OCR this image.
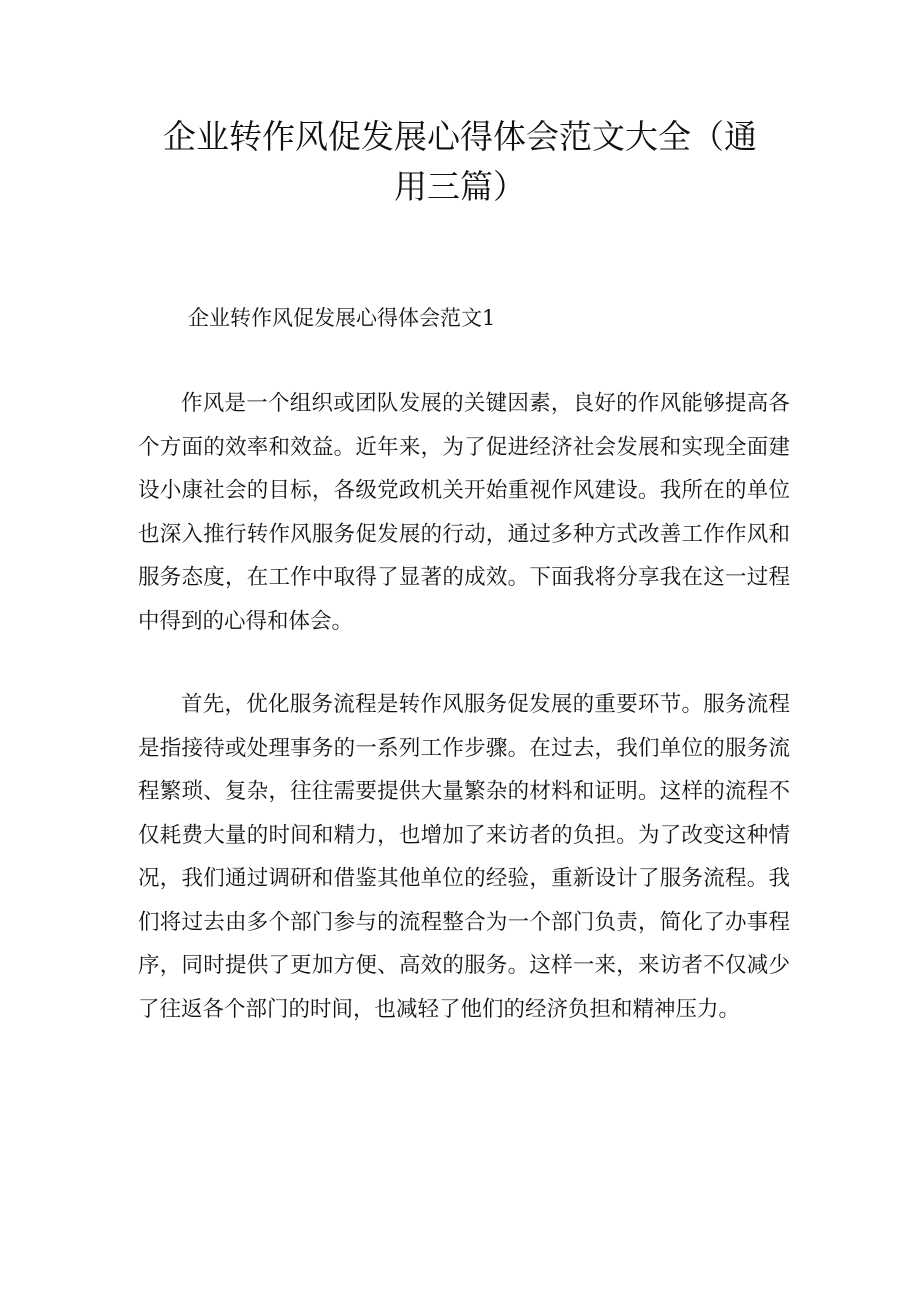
企业转作风促发展心得体会范文大全（通用三篇）

企业转作风促发展心得体会范文1

作风是一个组织或团队发展的关键因素，良好的作风能够提高各个方面的效率和效益。近年来，为了促进经济社会发展和实现全面建设小康社会的目标，各级党政机关开始重视作风建设。我所在的单位也深入推行转作风服务促发展的行动，通过多种方式改善工作作风和服务态度，在工作中取得了显著的成效。下面我将分享我在这一过程中得到的心得和体会。

首先，优化服务流程是转作风服务促发展的重要环节。服务流程是指接待或处理事务的一系列工作步骤。在过去，我们单位的服务流程繁琐、复杂，往往需要提供大量繁杂的材料和证明。这样的流程不仅耗费大量的时间和精力，也增加了来访者的负担。为了改变这种情况，我们通过调研和借鉴其他单位的经验，重新设计了服务流程。我们将过去由多个部门参与的流程整合为一个部门负责，简化了办事程序，同时提供了更加方便、高效的服务。这样一来，来访者不仅减少了往返各个部门的时间，也减轻了他们的经济负担和精神压力。
